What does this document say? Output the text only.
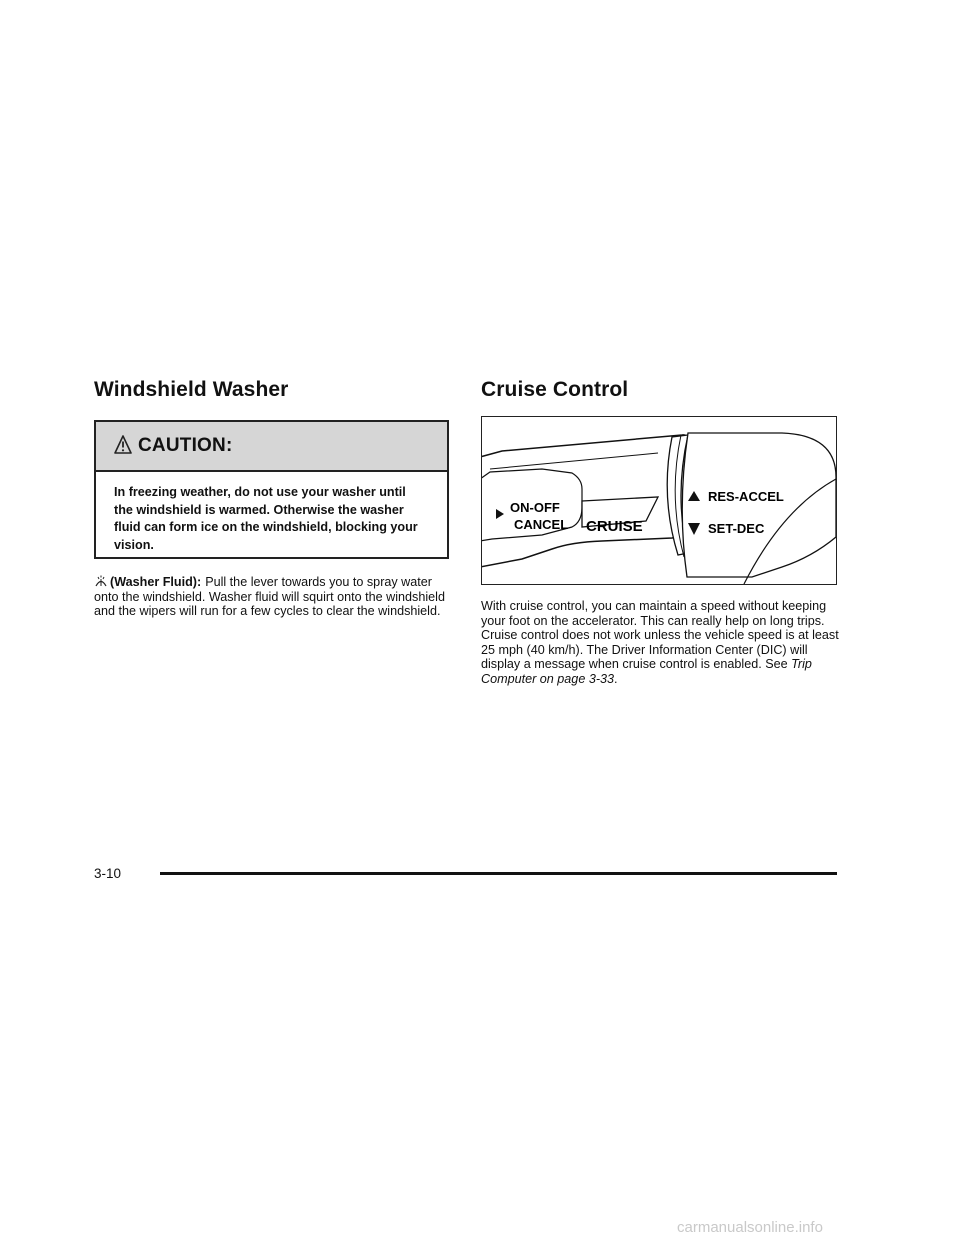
Windshield Washer
CAUTION:
In freezing weather, do not use your washer until the windshield is warmed. Otherwise the washer fluid can form ice on the windshield, blocking your vision.
(Washer Fluid): Pull the lever towards you to spray water onto the windshield. Washer fluid will squirt onto the windshield and the wipers will run for a few cycles to clear the windshield.
Cruise Control
ON-OFF
CANCEL CRUISE
RES-ACCEL
SET-DEC
With cruise control, you can maintain a speed without keeping your foot on the accelerator. This can really help on long trips. Cruise control does not work unless the vehicle speed is at least 25 mph (40 km/h). The Driver Information Center (DIC) will display a message when cruise control is enabled. See Trip Computer on page 3-33.
3-10
carmanualsonline.info
